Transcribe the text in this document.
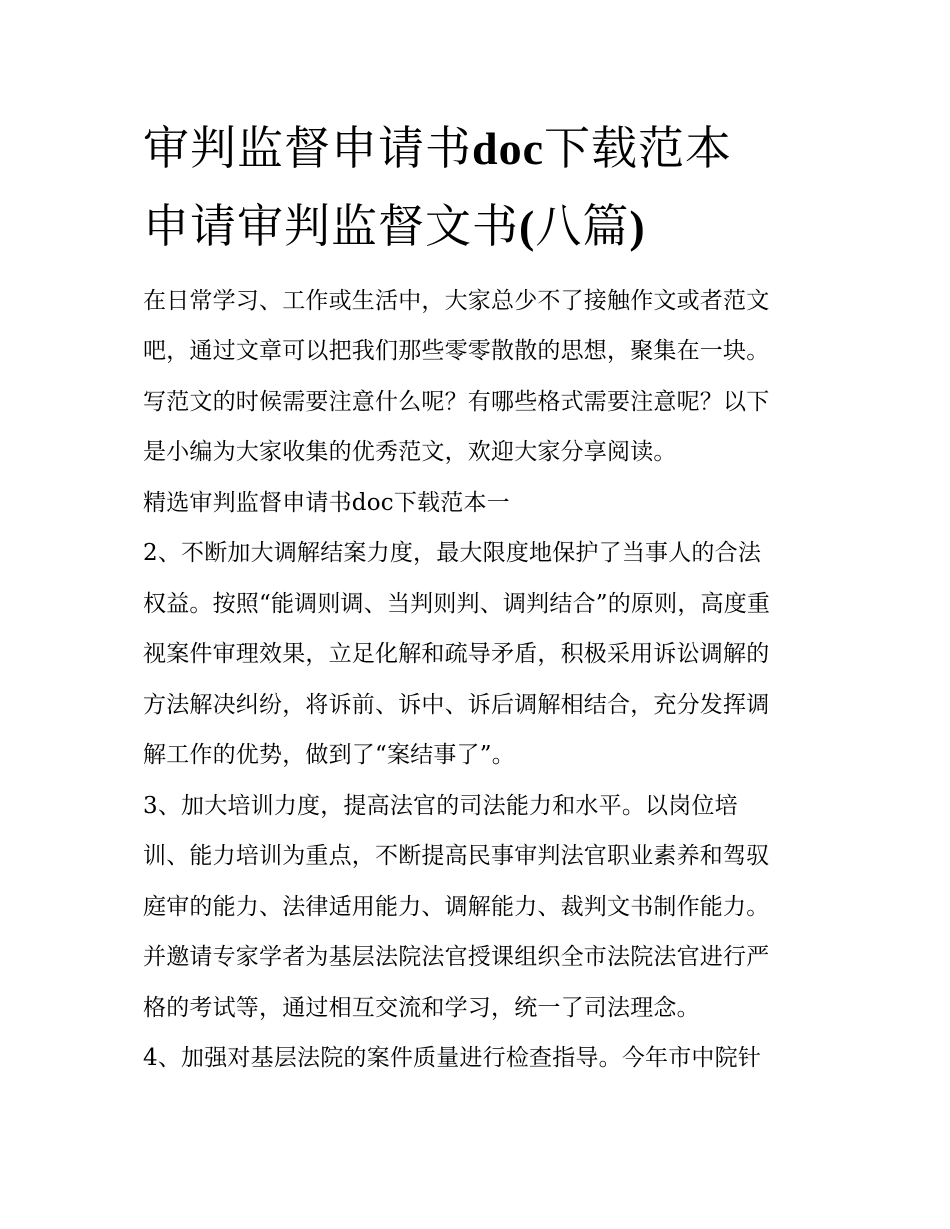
审判监督申请书doc下载范本
申请审判监督文书(八篇)
在日常学习、工作或生活中，大家总少不了接触作文或者范文
吧，通过文章可以把我们那些零零散散的思想，聚集在一块。
写范文的时候需要注意什么呢？有哪些格式需要注意呢？以下
是小编为大家收集的优秀范文，欢迎大家分享阅读。
精选审判监督申请书doc下载范本一
2、不断加大调解结案力度，最大限度地保护了当事人的合法
权益。按照“能调则调、当判则判、调判结合”的原则，高度重
视案件审理效果，立足化解和疏导矛盾，积极采用诉讼调解的
方法解决纠纷，将诉前、诉中、诉后调解相结合，充分发挥调
解工作的优势，做到了“案结事了”。
3、加大培训力度，提高法官的司法能力和水平。以岗位培
训、能力培训为重点，不断提高民事审判法官职业素养和驾驭
庭审的能力、法律适用能力、调解能力、裁判文书制作能力。
并邀请专家学者为基层法院法官授课组织全市法院法官进行严
格的考试等，通过相互交流和学习，统一了司法理念。
4、加强对基层法院的案件质量进行检查指导。今年市中院针
